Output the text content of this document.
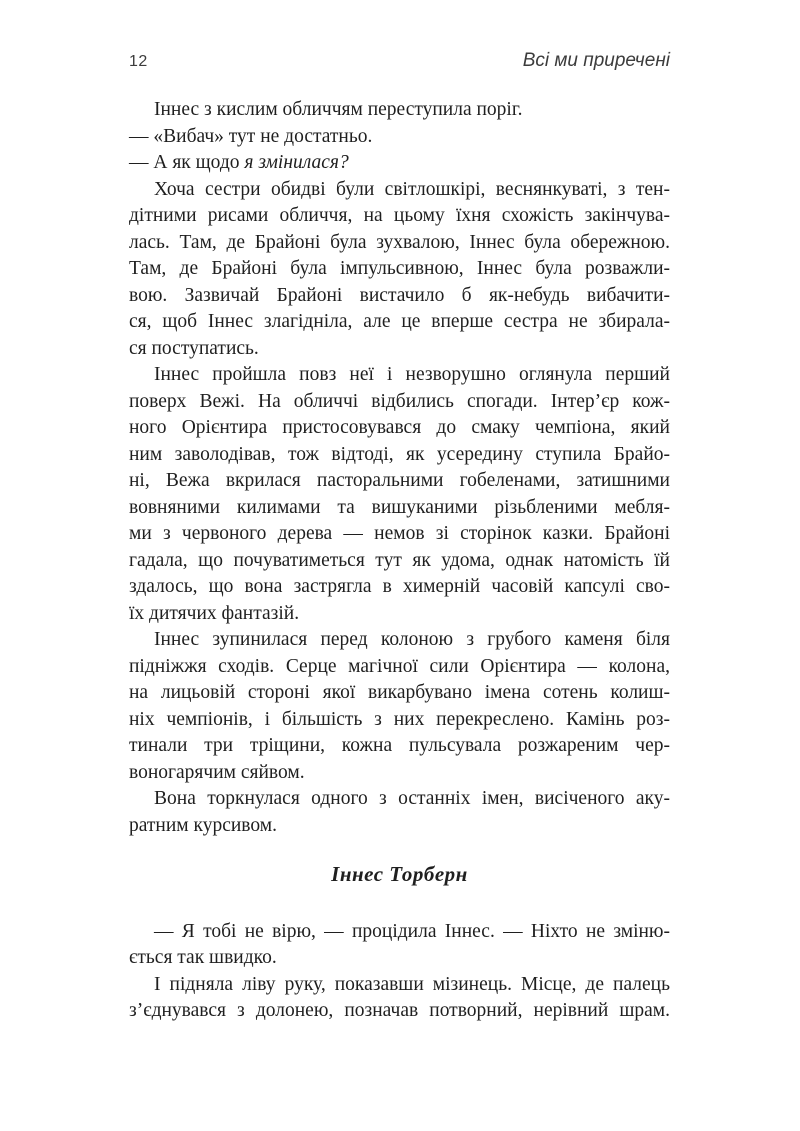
12	Всі ми приречені
Іннес з кислим обличчям переступила поріг.
— «Вибач» тут не достатньо.
— А як щодо я змінилася?
Хоча сестри обидві були світлошкірі, веснянкуваті, з тен-
дітними рисами обличчя, на цьому їхня схожість закінчува-
лась. Там, де Брайоні була зухвалою, Іннес була обережною.
Там, де Брайоні була імпульсивною, Іннес була розважли-
вою. Зазвичай Брайоні вистачило б як-небудь вибачити-
ся, щоб Іннес злагідніла, але це вперше сестра не збирала-
ся поступатись.
Іннес пройшла повз неї і незворушно оглянула перший
поверх Вежі. На обличчі відбились спогади. Інтер’єр кож-
ного Орієнтира пристосовувався до смаку чемпіона, який
ним заволодівав, тож відтоді, як усередину ступила Брайо-
ні, Вежа вкрилася пасторальними гобеленами, затишними
вовняними килимами та вишуканими різьбленими мебля-
ми з червоного дерева — немов зі сторінок казки. Брайоні
гадала, що почуватиметься тут як удома, однак натомість їй
здалось, що вона застрягла в химерній часовій капсулі сво-
їх дитячих фантазій.
Іннес зупинилася перед колоною з грубого каменя біля
підніжжя сходів. Серце магічної сили Орієнтира — колона,
на лицьовій стороні якої викарбувано імена сотень колиш-
ніх чемпіонів, і більшість з них перекреслено. Камінь роз-
тинали три тріщини, кожна пульсувала розжареним чер-
воногарячим сяйвом.
Вона торкнулася одного з останніх імен, висіченого аку-
ратним курсивом.
Іннес Торберн
— Я тобі не вірю, — процідила Іннес. — Ніхто не зміню-
ється так швидко.
І підняла ліву руку, показавши мізинець. Місце, де палець
з’єднувався з долонею, позначав потворний, нерівний шрам.
